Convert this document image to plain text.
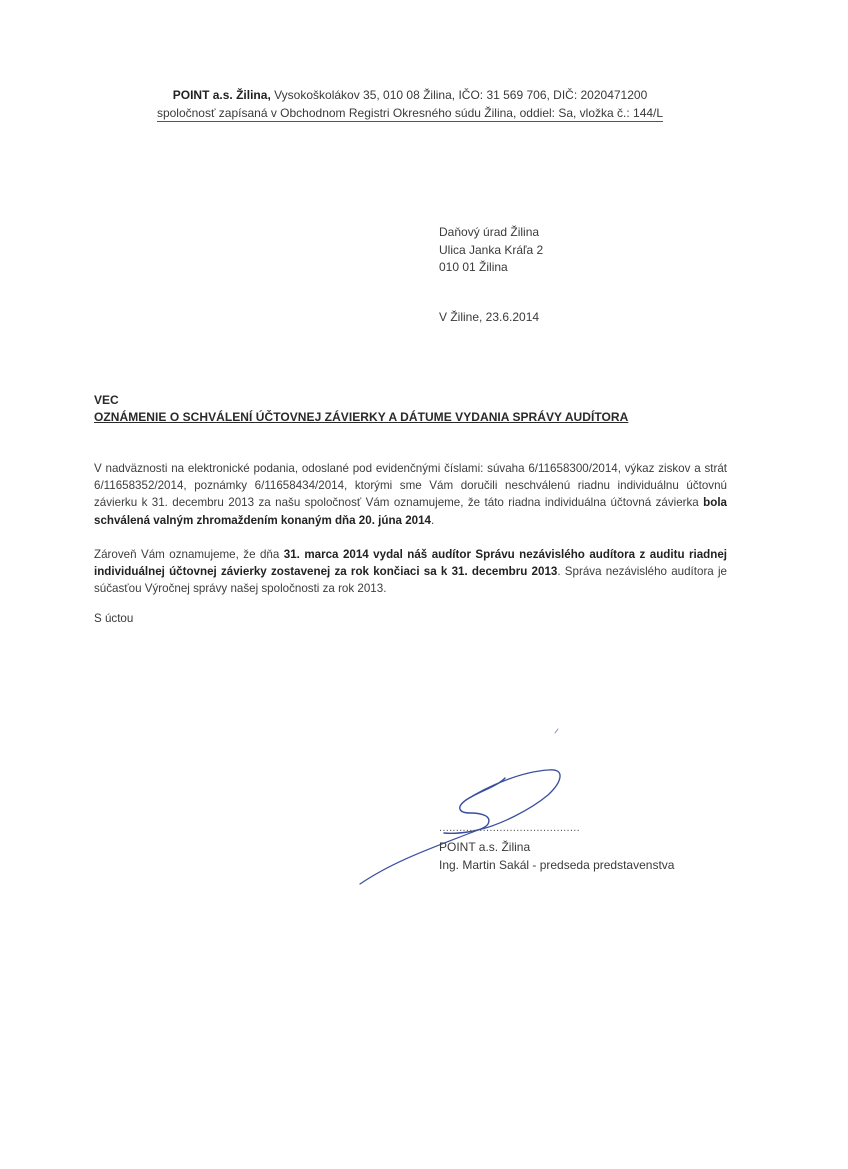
POINT a.s. Žilina, Vysokoškolákov 35, 010 08 Žilina, IČO: 31 569 706, DIČ: 2020471200
spoločnosť zapísaná v Obchodnom Registri Okresného súdu Žilina, oddiel: Sa, vložka č.: 144/L
Daňový úrad Žilina
Ulica Janka Kráľa 2
010 01 Žilina
V Žiline, 23.6.2014
VEC
OZNÁMENIE O SCHVÁLENÍ ÚČTOVNEJ ZÁVIERKY A DÁTUME VYDANIA SPRÁVY AUDÍTORA
V nadväznosti na elektronické podania, odoslané pod evidenčnými číslami: súvaha 6/11658300/2014, výkaz ziskov a strát 6/11658352/2014, poznámky 6/11658434/2014, ktorými sme Vám doručili neschválenú riadnu individuálnu účtovnú závierku k 31. decembru 2013 za našu spoločnosť Vám oznamujeme, že táto riadna individuálna účtovná závierka bola schválená valným zhromaždením konaným dňa 20. júna 2014.
Zároveň Vám oznamujeme, že dňa 31. marca 2014 vydal náš audítor Správu nezávislého audítora z auditu riadnej individuálnej účtovnej závierky zostavenej za rok končiaci sa k 31. decembru 2013. Správa nezávislého audítora je súčasťou Výročnej správy našej spoločnosti za rok 2013.
S úctou
..........................................
POINT a.s. Žilina
Ing. Martin Sakál - predseda predstavenstva
